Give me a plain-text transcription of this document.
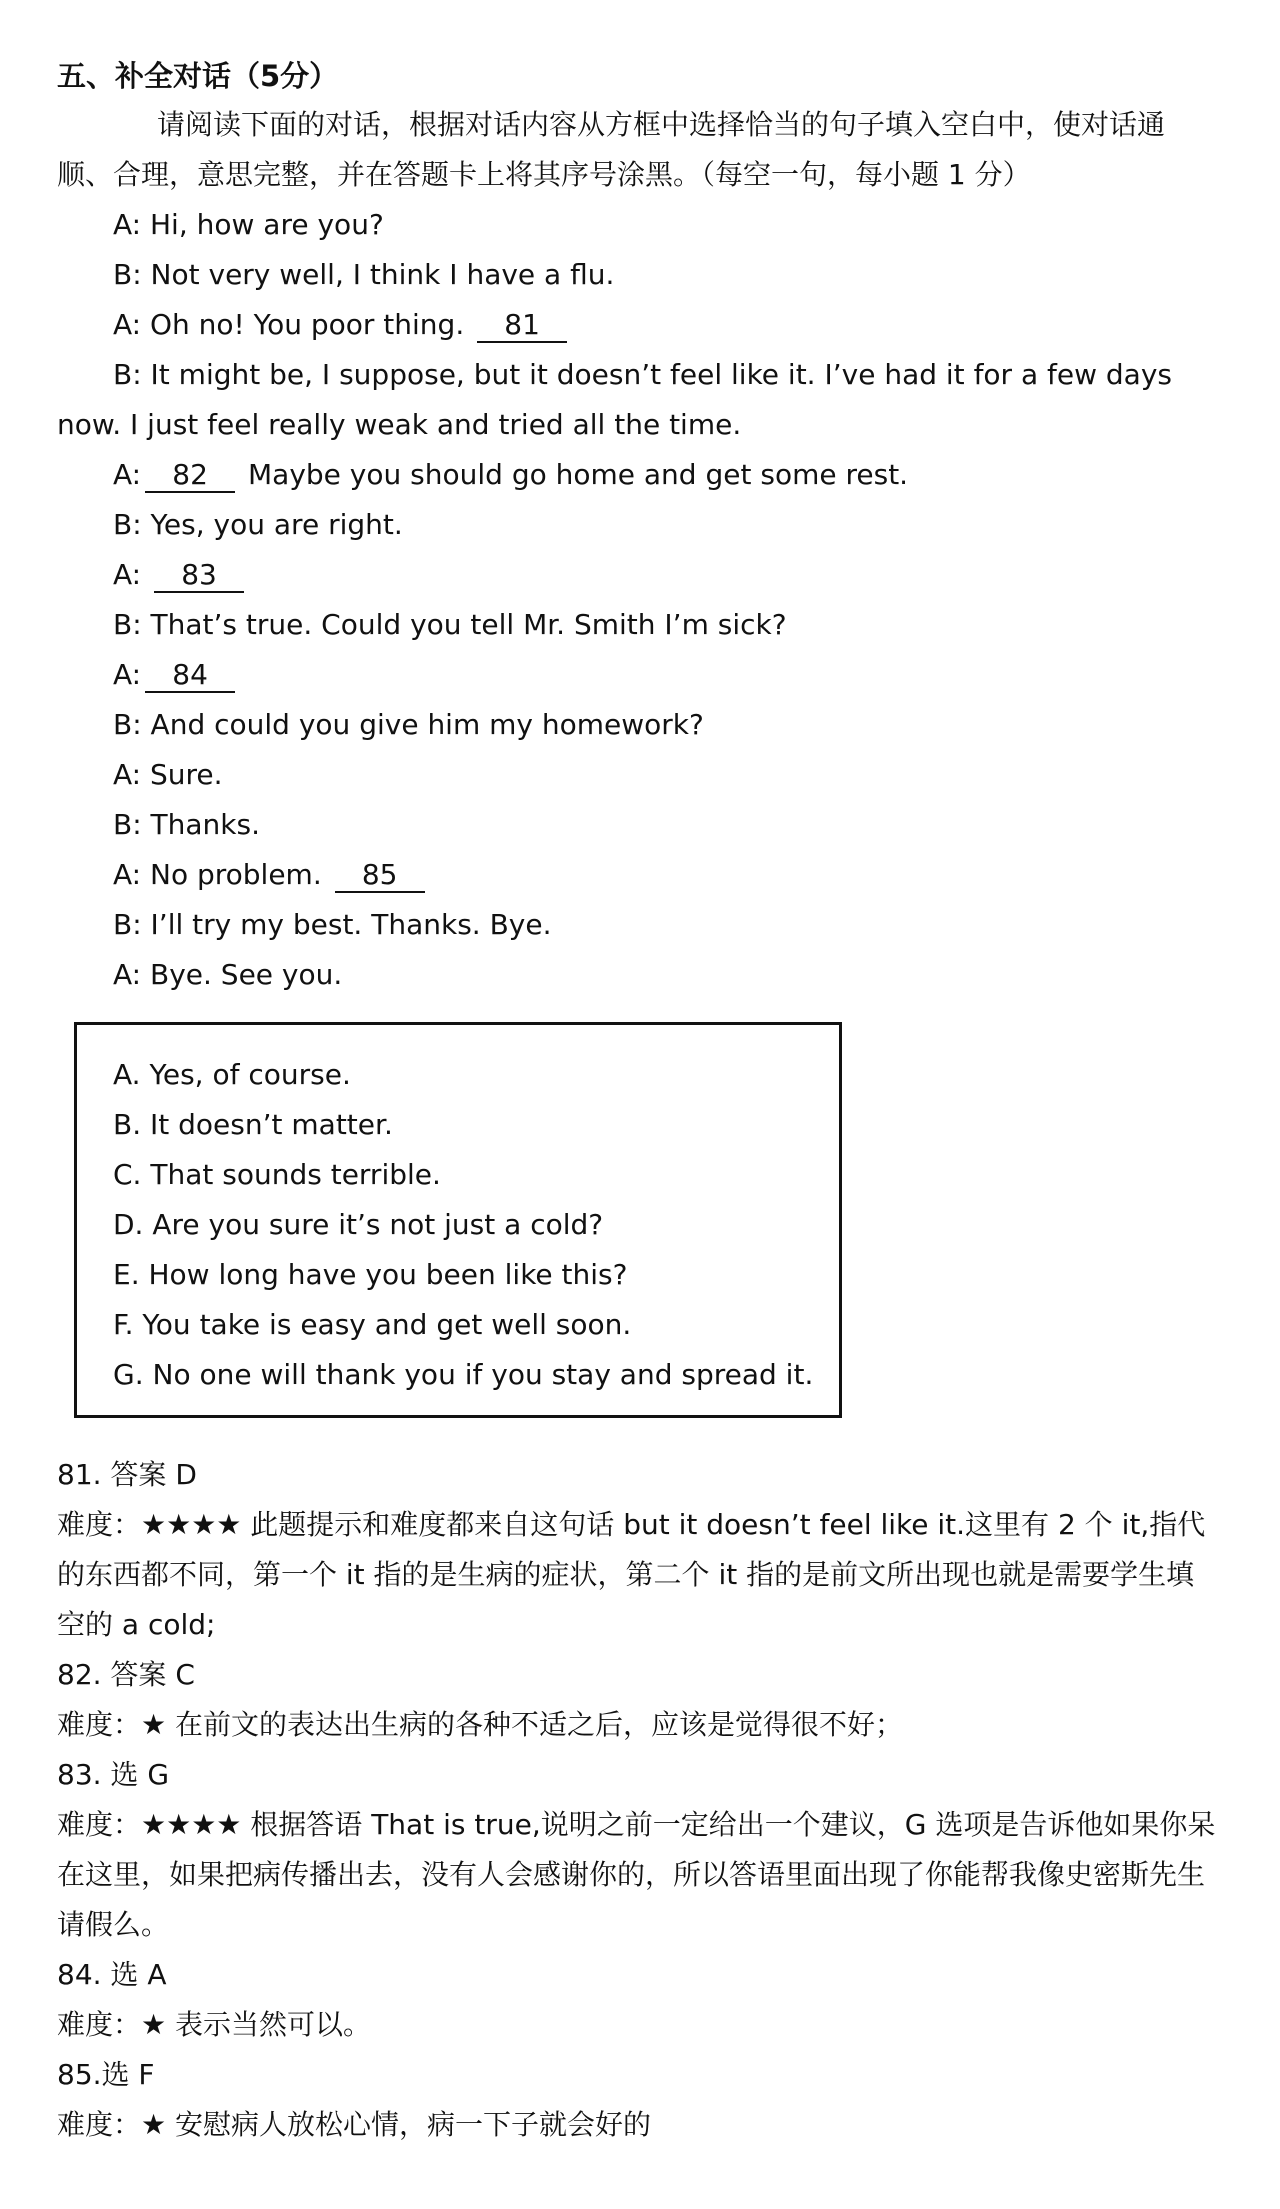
五、补全对话（5分）
请阅读下面的对话，根据对话内容从方框中选择恰当的句子填入空白中，使对话通顺、合理，意思完整，并在答题卡上将其序号涂黑。（每空一句，每小题 1 分）
A: Hi, how are you?
B: Not very well, I think I have a flu.
A: Oh no! You poor thing. 81
B: It might be, I suppose, but it doesn’t feel like it. I’ve had it for a few days
now. I just feel really weak and tried all the time.
A: 82 Maybe you should go home and get some rest.
B: Yes, you are right.
A: 83
B: That’s true. Could you tell Mr. Smith I’m sick?
A: 84
B: And could you give him my homework?
A: Sure.
B: Thanks.
A: No problem. 85
B: I’ll try my best. Thanks. Bye.
A: Bye. See you.
A. Yes, of course.
B. It doesn’t matter.
C. That sounds terrible.
D. Are you sure it’s not just a cold?
E. How long have you been like this?
F. You take is easy and get well soon.
G. No one will thank you if you stay and spread it.
81. 答案 D
难度：★★★★ 此题提示和难度都来自这句话 but it doesn’t feel like it.这里有 2 个 it,指代的东西都不同，第一个 it 指的是生病的症状，第二个 it 指的是前文所出现也就是需要学生填空的 a cold;
82. 答案 C
难度：★ 在前文的表达出生病的各种不适之后，应该是觉得很不好；
83. 选 G
难度：★★★★ 根据答语 That is true,说明之前一定给出一个建议，G 选项是告诉他如果你呆在这里，如果把病传播出去，没有人会感谢你的，所以答语里面出现了你能帮我像史密斯先生请假么。
84. 选 A
难度：★ 表示当然可以。
85.选 F
难度：★ 安慰病人放松心情，病一下子就会好的
